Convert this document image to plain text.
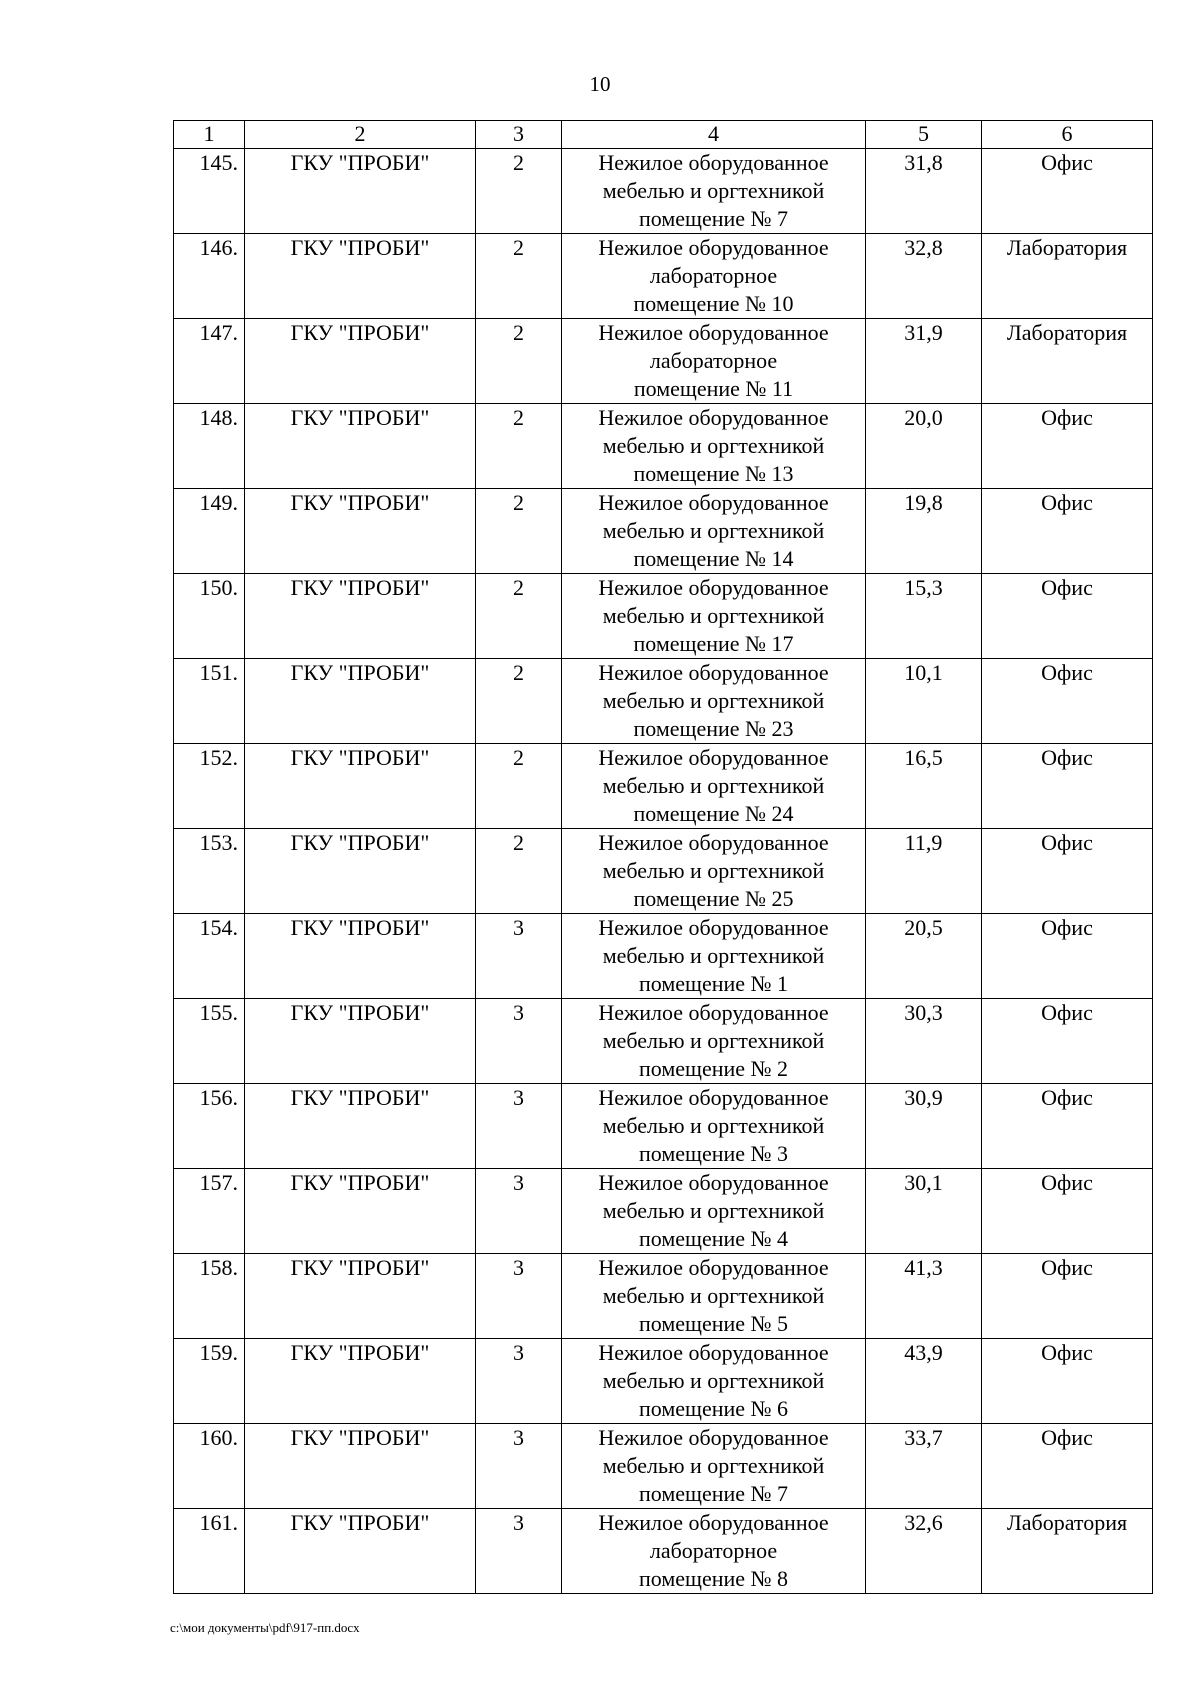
10
1	2	3	4	5	6
145.	ГКУ "ПРОБИ"	2	Нежилое оборудованное
мебелью и оргтехникой
помещение № 7	31,8	Офис
146.	ГКУ "ПРОБИ"	2	Нежилое оборудованное
лабораторное
помещение № 10	32,8	Лаборатория
147.	ГКУ "ПРОБИ"	2	Нежилое оборудованное
лабораторное
помещение № 11	31,9	Лаборатория
148.	ГКУ "ПРОБИ"	2	Нежилое оборудованное
мебелью и оргтехникой
помещение № 13	20,0	Офис
149.	ГКУ "ПРОБИ"	2	Нежилое оборудованное
мебелью и оргтехникой
помещение № 14	19,8	Офис
150.	ГКУ "ПРОБИ"	2	Нежилое оборудованное
мебелью и оргтехникой
помещение № 17	15,3	Офис
151.	ГКУ "ПРОБИ"	2	Нежилое оборудованное
мебелью и оргтехникой
помещение № 23	10,1	Офис
152.	ГКУ "ПРОБИ"	2	Нежилое оборудованное
мебелью и оргтехникой
помещение № 24	16,5	Офис
153.	ГКУ "ПРОБИ"	2	Нежилое оборудованное
мебелью и оргтехникой
помещение № 25	11,9	Офис
154.	ГКУ "ПРОБИ"	3	Нежилое оборудованное
мебелью и оргтехникой
помещение № 1	20,5	Офис
155.	ГКУ "ПРОБИ"	3	Нежилое оборудованное
мебелью и оргтехникой
помещение № 2	30,3	Офис
156.	ГКУ "ПРОБИ"	3	Нежилое оборудованное
мебелью и оргтехникой
помещение № 3	30,9	Офис
157.	ГКУ "ПРОБИ"	3	Нежилое оборудованное
мебелью и оргтехникой
помещение № 4	30,1	Офис
158.	ГКУ "ПРОБИ"	3	Нежилое оборудованное
мебелью и оргтехникой
помещение № 5	41,3	Офис
159.	ГКУ "ПРОБИ"	3	Нежилое оборудованное
мебелью и оргтехникой
помещение № 6	43,9	Офис
160.	ГКУ "ПРОБИ"	3	Нежилое оборудованное
мебелью и оргтехникой
помещение № 7	33,7	Офис
161.	ГКУ "ПРОБИ"	3	Нежилое оборудованное
лабораторное
помещение № 8	32,6	Лаборатория
c:\мои документы\pdf\917-пп.docx
